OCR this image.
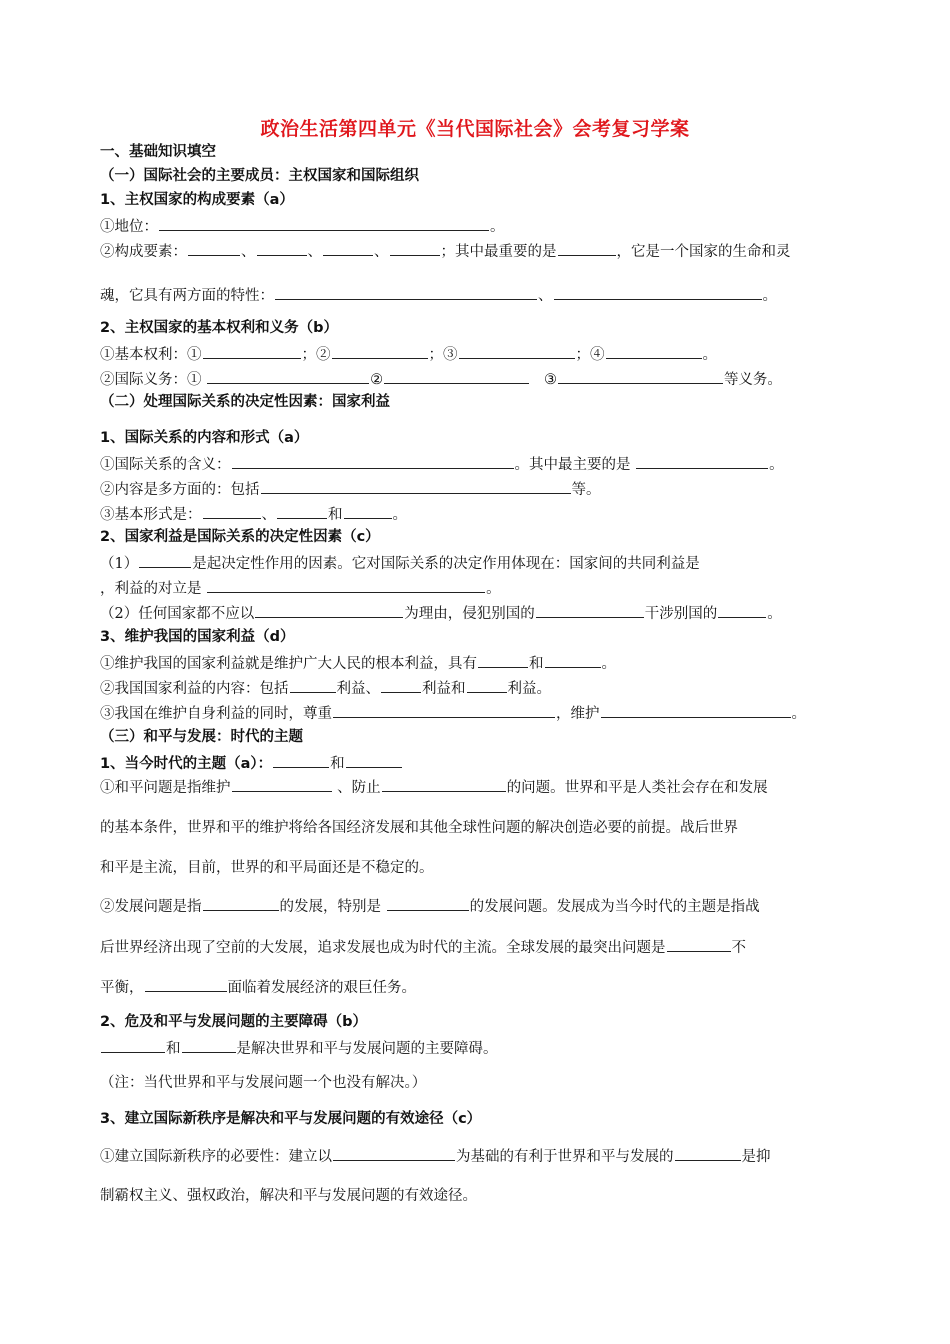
政治生活第四单元《当代国际社会》会考复习学案
一、基础知识填空
（一）国际社会的主要成员：主权国家和国际组织
1、主权国家的构成要素（a）
①地位：	。
②构成要素：	、	、	、	；其中最重要的是	，它是一个国家的生命和灵
魂，它具有两方面的特性：	、	。
2、主权国家的基本权利和义务（b）
①基本权利：①	；②	；③	；④	。
②国际义务：①	②	③	等义务。
（二）处理国际关系的决定性因素：国家利益
1、国际关系的内容和形式（a）
①国际关系的含义：	。其中最主要的是	。
②内容是多方面的：包括	等。
③基本形式是：	、	和	。
2、国家利益是国际关系的决定性因素（c）
（1）	是起决定性作用的因素。它对国际关系的决定作用体现在：国家间的共同利益是
，利益的对立是	。
（2）任何国家都不应以	为理由，侵犯别国的	干涉别国的	。
3、维护我国的国家利益（d）
①维护我国的国家利益就是维护广大人民的根本利益，具有	和	。
②我国国家利益的内容：包括	利益、	利益和	利益。
③我国在维护自身利益的同时，尊重	，维护	。
（三）和平与发展：时代的主题
1、当今时代的主题（a）：	和
①和平问题是指维护	、防止	的问题。世界和平是人类社会存在和发展
的基本条件，世界和平的维护将给各国经济发展和其他全球性问题的解决创造必要的前提。战后世界
和平是主流，目前，世界的和平局面还是不稳定的。
②发展问题是指	的发展，特别是	的发展问题。发展成为当今时代的主题是指战
后世界经济出现了空前的大发展，追求发展也成为时代的主流。全球发展的最突出问题是	不
平衡，	面临着发展经济的艰巨任务。
2、危及和平与发展问题的主要障碍（b）
和	是解决世界和平与发展问题的主要障碍。
（注：当代世界和平与发展问题一个也没有解决。）
3、建立国际新秩序是解决和平与发展问题的有效途径（c）
①建立国际新秩序的必要性：建立以	为基础的有利于世界和平与发展的	是抑
制霸权主义、强权政治，解决和平与发展问题的有效途径。
